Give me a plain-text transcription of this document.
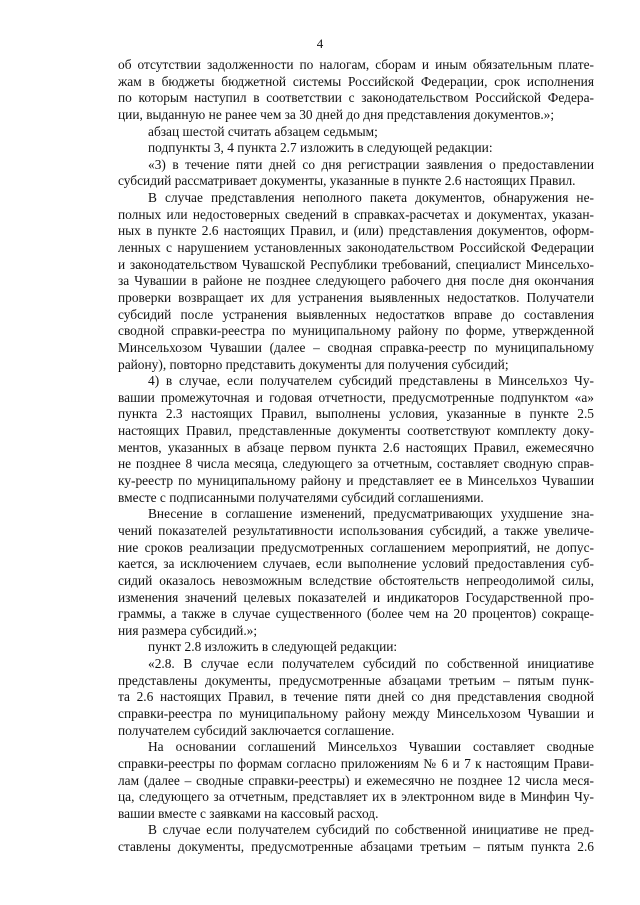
4
об отсутствии задолженности по налогам, сборам и иным обязательным плате-
жам в бюджеты бюджетной системы Российской Федерации, срок исполнения
по которым наступил в соответствии с законодательством Российской Федера-
ции, выданную не ранее чем за 30 дней до дня представления документов.»;
абзац шестой считать абзацем седьмым;
подпункты 3, 4 пункта 2.7 изложить в следующей редакции:
«3) в течение пяти дней со дня регистрации заявления о предоставлении
субсидий рассматривает документы, указанные в пункте 2.6 настоящих Правил.
В случае представления неполного пакета документов, обнаружения не-
полных или недостоверных сведений в справках-расчетах и документах, указан-
ных в пункте 2.6 настоящих Правил, и (или) представления документов, оформ-
ленных с нарушением установленных законодательством Российской Федерации
и законодательством Чувашской Республики требований, специалист Минсельхо-
за Чувашии в районе не позднее следующего рабочего дня после дня окончания
проверки возвращает их для устранения выявленных недостатков. Получатели
субсидий после устранения выявленных недостатков вправе до составления
сводной справки-реестра по муниципальному району по форме, утвержденной
Минсельхозом Чувашии (далее – сводная справка-реестр по муниципальному
району), повторно представить документы для получения субсидий;
4) в случае, если получателем субсидий представлены в Минсельхоз Чу-
вашии промежуточная и годовая отчетности, предусмотренные подпунктом «а»
пункта 2.3 настоящих Правил, выполнены условия, указанные в пункте 2.5
настоящих Правил, представленные документы соответствуют комплекту доку-
ментов, указанных в абзаце первом пункта 2.6 настоящих Правил, ежемесячно
не позднее 8 числа месяца, следующего за отчетным, составляет сводную справ-
ку-реестр по муниципальному району и представляет ее в Минсельхоз Чувашии
вместе с подписанными получателями субсидий соглашениями.
Внесение в соглашение изменений, предусматривающих ухудшение зна-
чений показателей результативности использования субсидий, а также увеличе-
ние сроков реализации предусмотренных соглашением мероприятий, не допус-
кается, за исключением случаев, если выполнение условий предоставления суб-
сидий оказалось невозможным вследствие обстоятельств непреодолимой силы,
изменения значений целевых показателей и индикаторов Государственной про-
граммы, а также в случае существенного (более чем на 20 процентов) сокраще-
ния размера субсидий.»;
пункт 2.8 изложить в следующей редакции:
«2.8. В случае если получателем субсидий по собственной инициативе
представлены документы, предусмотренные абзацами третьим – пятым пунк-
та 2.6 настоящих Правил, в течение пяти дней со дня представления сводной
справки-реестра по муниципальному району между Минсельхозом Чувашии и
получателем субсидий заключается соглашение.
На основании соглашений Минсельхоз Чувашии составляет сводные
справки-реестры по формам согласно приложениям № 6 и 7 к настоящим Прави-
лам (далее – сводные справки-реестры) и ежемесячно не позднее 12 числа меся-
ца, следующего за отчетным, представляет их в электронном виде в Минфин Чу-
вашии вместе с заявками на кассовый расход.
В случае если получателем субсидий по собственной инициативе не пред-
ставлены документы, предусмотренные абзацами третьим – пятым пункта 2.6
